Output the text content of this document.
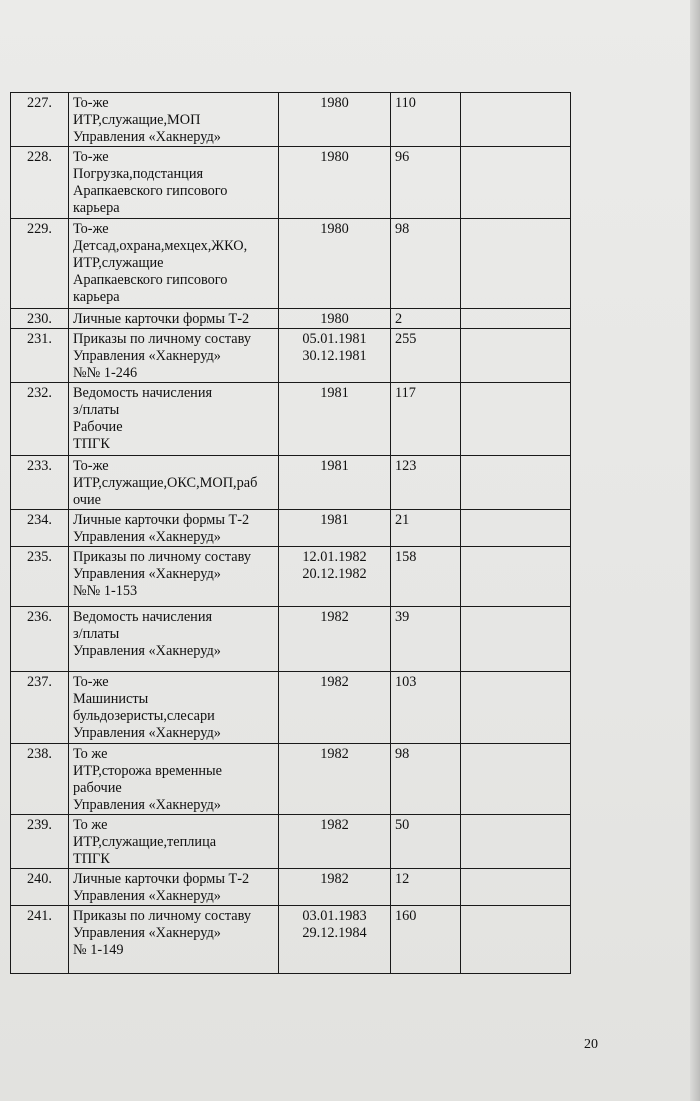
227.	То-же
ИТР,служащие,МОП
Управления «Хакнеруд»	1980	110	
228.	То-же
Погрузка,подстанция
Арапкаевского гипсового
карьера	1980	96	
229.	То-же
Детсад,охрана,мехцех,ЖКО,
ИТР,служащие
Арапкаевского гипсового
карьера	1980	98	
230.	Личные карточки формы Т-2	1980	2	
231.	Приказы по личному составу
Управления «Хакнеруд»
№№ 1-246	05.01.1981
30.12.1981	255	
232.	Ведомость начисления
з/платы
Рабочие
ТПГК	1981	117	
233.	То-же
ИТР,служащие,ОКС,МОП,раб
очие	1981	123	
234.	Личные карточки формы Т-2
Управления «Хакнеруд»	1981	21	
235.	Приказы по личному составу
Управления «Хакнеруд»
№№ 1-153	12.01.1982
20.12.1982	158	
236.	Ведомость начисления
з/платы
Управления «Хакнеруд»	1982	39	
237.	То-же
Машинисты
бульдозеристы,слесари
Управления «Хакнеруд»	1982	103	
238.	То же
ИТР,сторожа временные
рабочие
Управления «Хакнеруд»	1982	98	
239.	То же
ИТР,служащие,теплица
ТПГК	1982	50	
240.	Личные карточки формы Т-2
Управления «Хакнеруд»	1982	12	
241.	Приказы по личному составу
Управления «Хакнеруд»
№ 1-149	03.01.1983
29.12.1984	160	
20
